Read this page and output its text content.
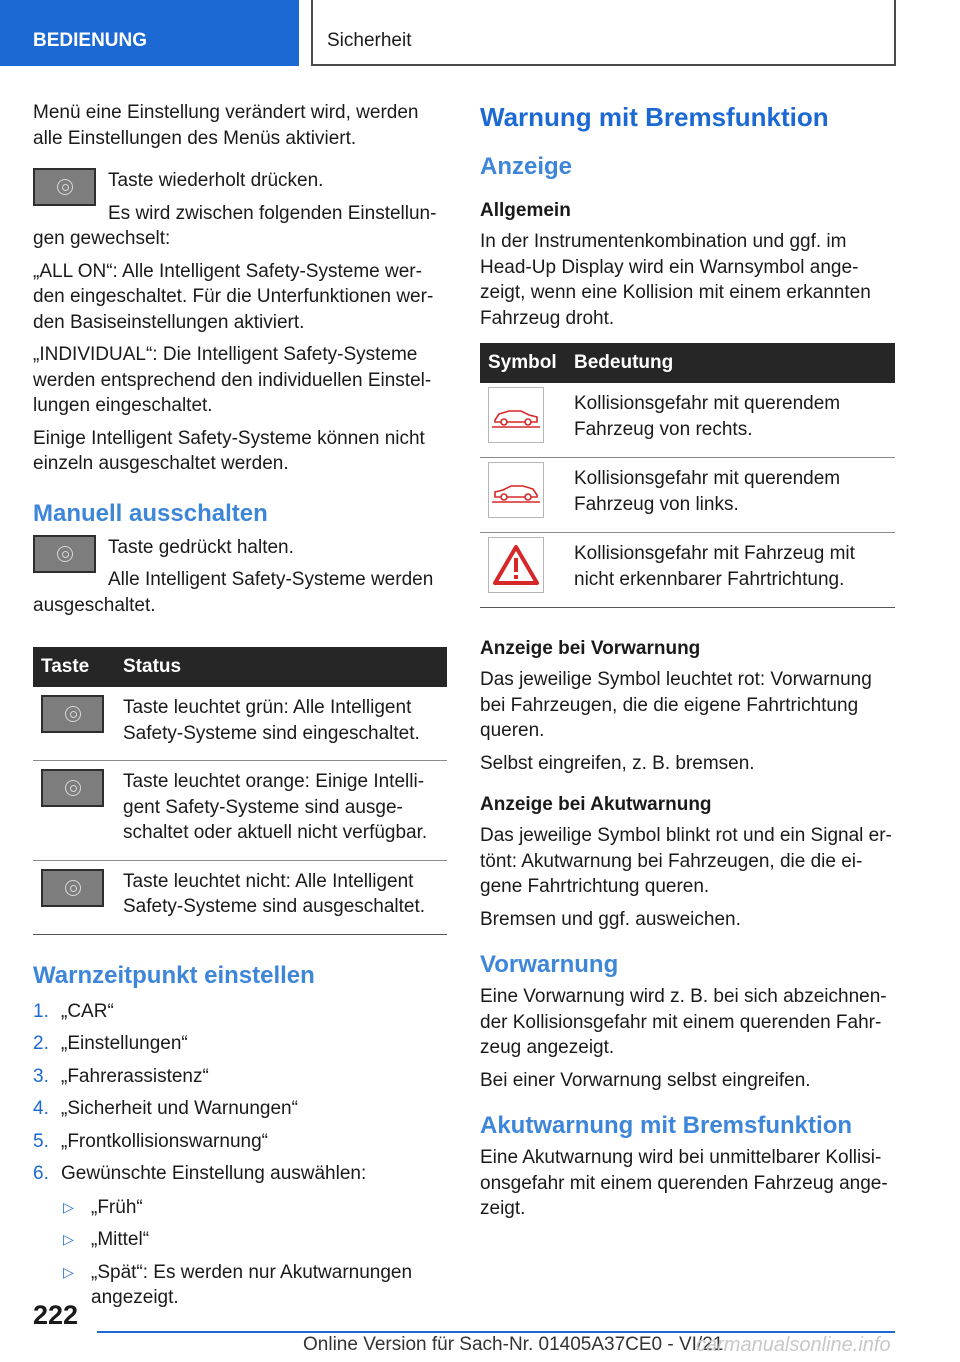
BEDIENUNG	Sicherheit

Menü eine Einstellung verändert wird, werden alle Einstellungen des Menüs aktiviert.

Taste wiederholt drücken.

Es wird zwischen folgenden Einstellungen gewechselt:

„ALL ON“: Alle Intelligent Safety-Systeme werden eingeschaltet. Für die Unterfunktionen werden Basiseinstellungen aktiviert.

„INDIVIDUAL“: Die Intelligent Safety-Systeme werden entsprechend den individuellen Einstellungen eingeschaltet.

Einige Intelligent Safety-Systeme können nicht einzeln ausgeschaltet werden.

Manuell ausschalten

Taste gedrückt halten.

Alle Intelligent Safety-Systeme werden ausgeschaltet.

Taste	Status

	Taste leuchtet grün: Alle Intelligent Safety-Systeme sind eingeschaltet.

	Taste leuchtet orange: Einige Intelligent Safety-Systeme sind ausgeschaltet oder aktuell nicht verfügbar.

	Taste leuchtet nicht: Alle Intelligent Safety-Systeme sind ausgeschaltet.
Warnzeitpunkt einstellen
1. „CAR“
2. „Einstellungen“
3. „Fahrerassistenz“
4. „Sicherheit und Warnungen“
5. „Frontkollisionswarnung“
6. Gewünschte Einstellung auswählen:
▷ „Früh“
▷ „Mittel“
▷ „Spät“: Es werden nur Akutwarnungen angezeigt.
Warnung mit Bremsfunktion
Anzeige
Allgemein

In der Instrumentenkombination und ggf. im Head-Up Display wird ein Warnsymbol angezeigt, wenn eine Kollision mit einem erkannten Fahrzeug droht.

Symbol	Bedeutung

	Kollisionsgefahr mit querendem Fahrzeug von rechts.

	Kollisionsgefahr mit querendem Fahrzeug von links.

	Kollisionsgefahr mit Fahrzeug mit nicht erkennbarer Fahrtrichtung.
Anzeige bei Vorwarnung

Das jeweilige Symbol leuchtet rot: Vorwarnung bei Fahrzeugen, die die eigene Fahrtrichtung queren.

Selbst eingreifen, z. B. bremsen.

Anzeige bei Akutwarnung

Das jeweilige Symbol blinkt rot und ein Signal ertönt: Akutwarnung bei Fahrzeugen, die die eigene Fahrtrichtung queren.

Bremsen und ggf. ausweichen.

Vorwarnung

Eine Vorwarnung wird z. B. bei sich abzeichnender Kollisionsgefahr mit einem querenden Fahrzeug angezeigt.

Bei einer Vorwarnung selbst eingreifen.

Akutwarnung mit Bremsfunktion

Eine Akutwarnung wird bei unmittelbarer Kollisionsgefahr mit einem querenden Fahrzeug angezeigt.

222
Online Version für Sach-Nr. 01405A37CE0 - VI/21
carmanualsonline.info
